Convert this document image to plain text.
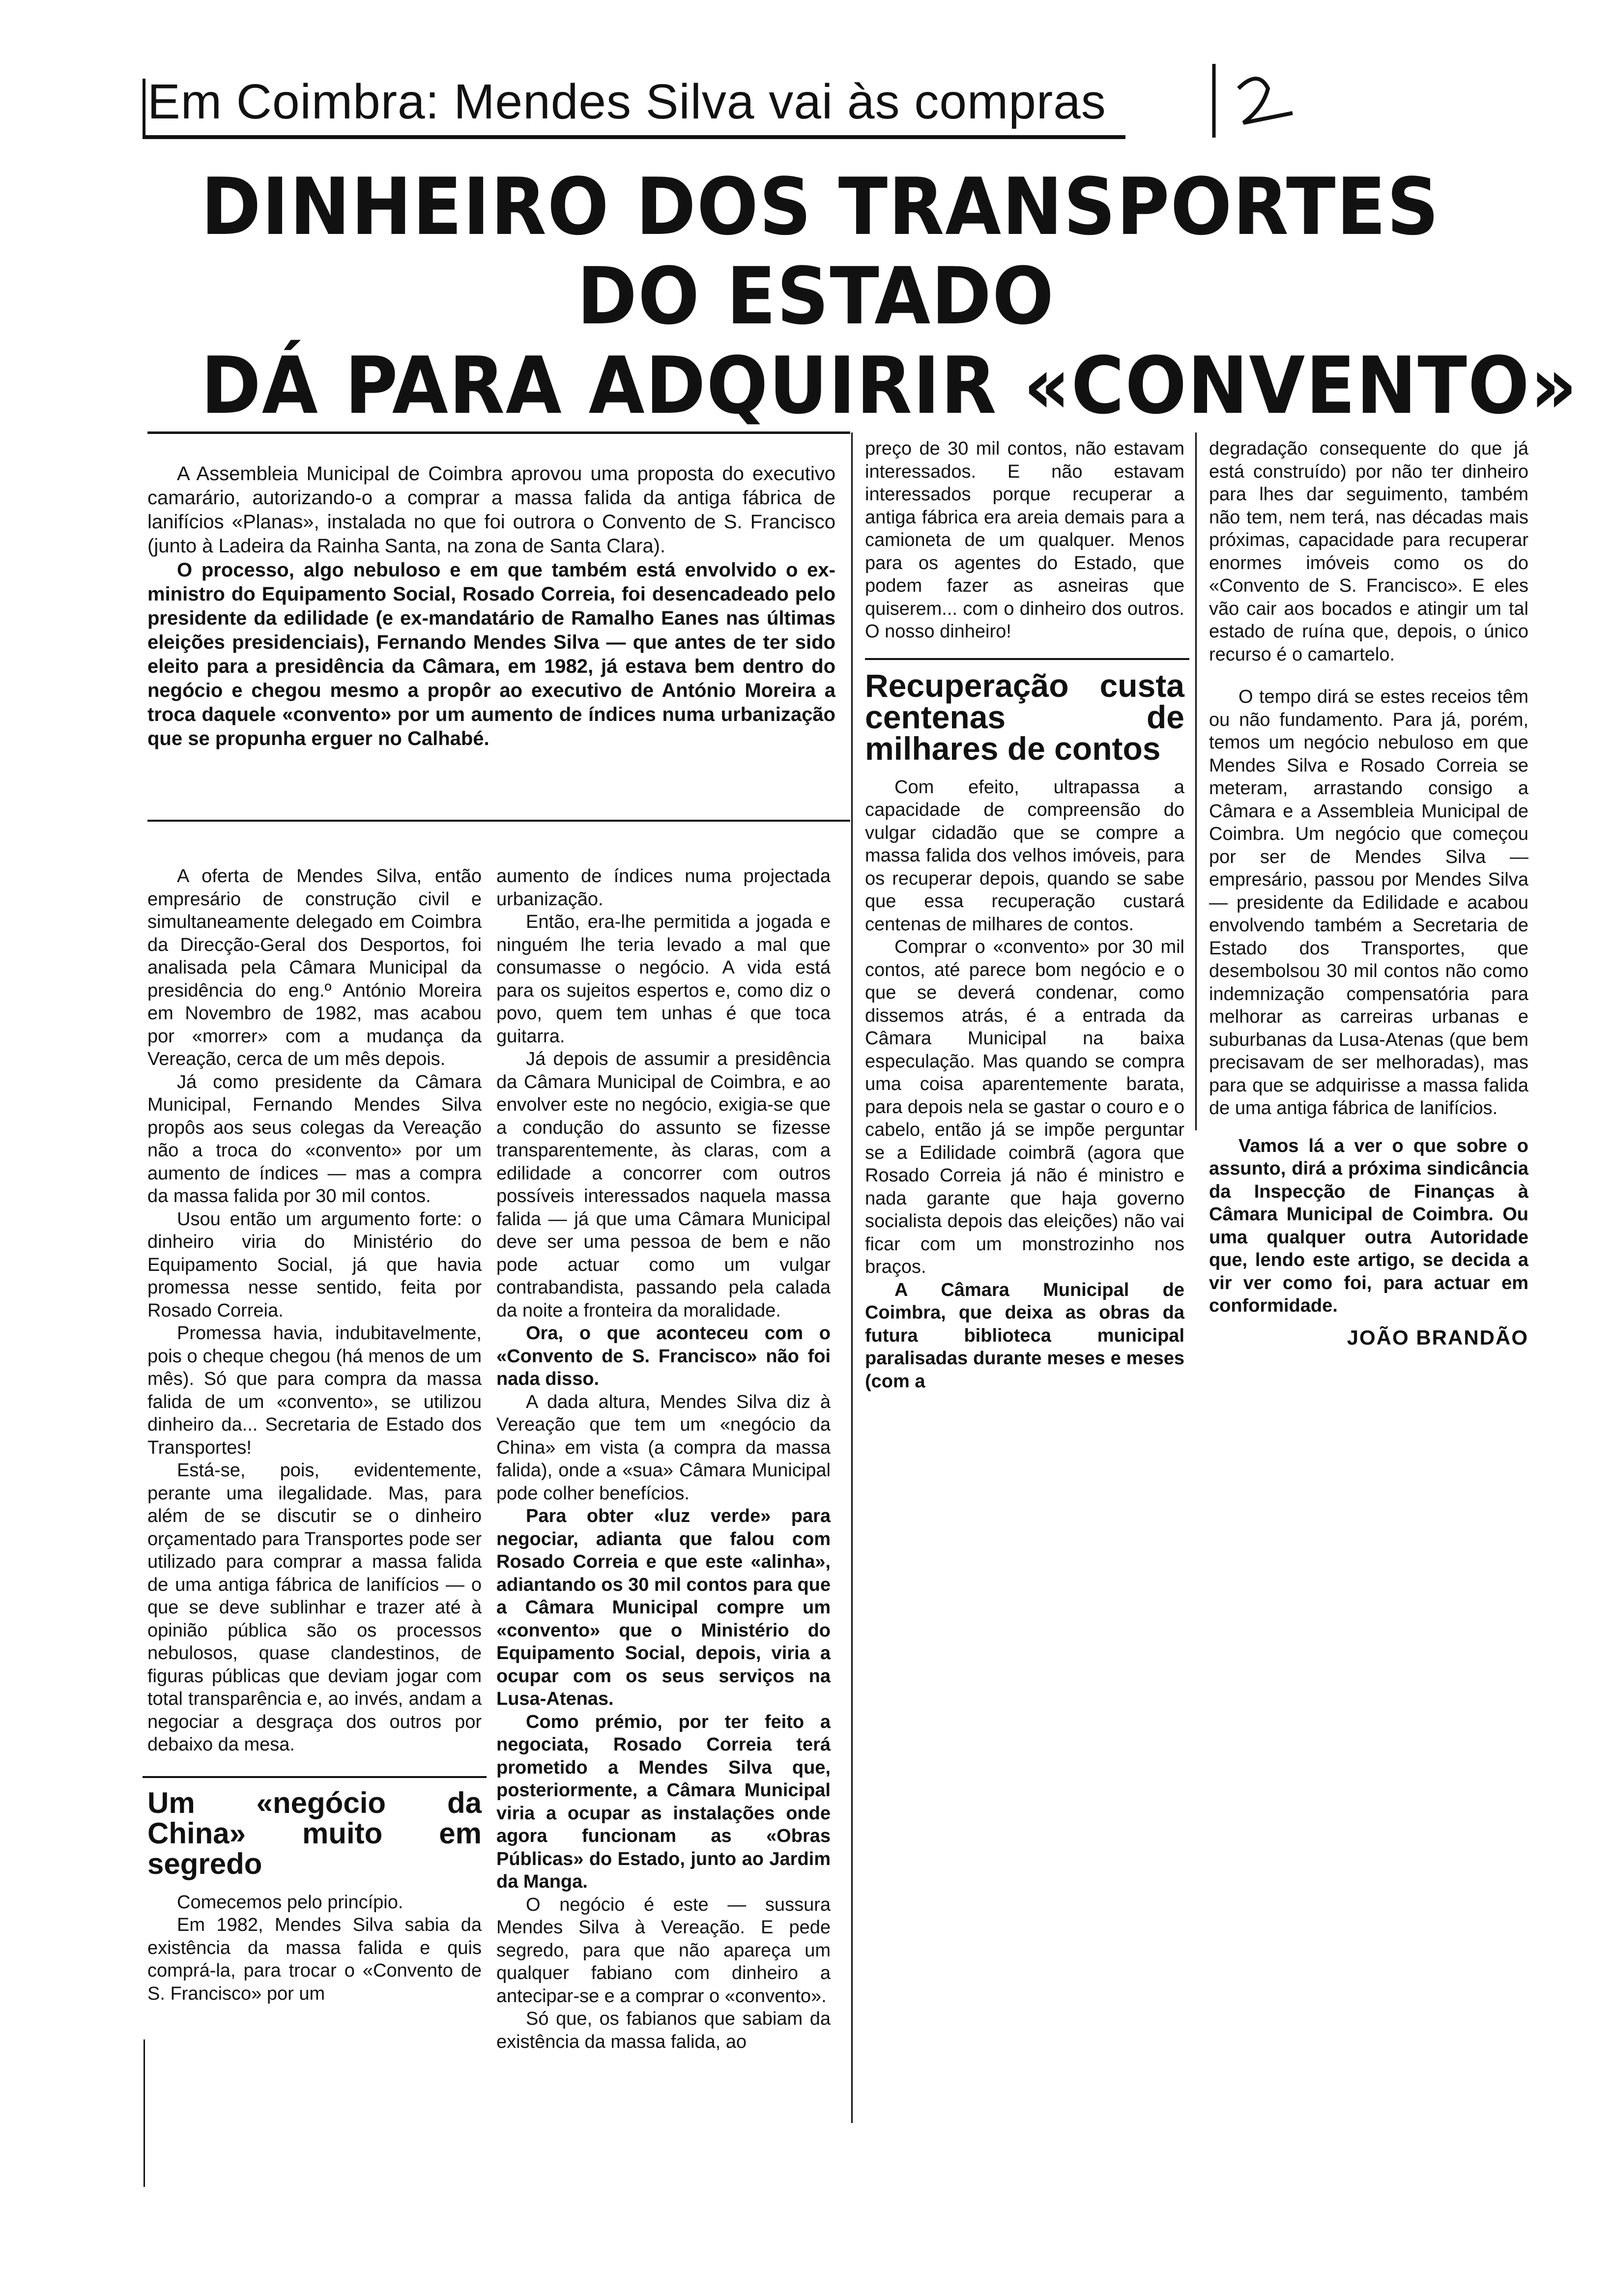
Em Coimbra: Mendes Silva vai às compras
DINHEIRO DOS TRANSPORTES
DO ESTADO
DÁ PARA ADQUIRIR «CONVENTO»

A Assembleia Municipal de Coimbra aprovou uma proposta do executivo camarário, autorizando-o a comprar a massa falida da antiga fábrica de lanifícios «Planas», instalada no que foi outrora o Convento de S. Francisco (junto à Ladeira da Rainha Santa, na zona de Santa Clara).

O processo, algo nebuloso e em que também está envolvido o ex-ministro do Equipamento Social, Rosado Correia, foi desencadeado pelo presidente da edilidade (e ex-mandatário de Ramalho Eanes nas últimas eleições presidenciais), Fernando Mendes Silva — que antes de ter sido eleito para a presidência da Câmara, em 1982, já estava bem dentro do negócio e chegou mesmo a propôr ao executivo de António Moreira a troca daquele «convento» por um aumento de índices numa urbanização que se propunha erguer no Calhabé.

A oferta de Mendes Silva, então empresário de construção civil e simultaneamente delegado em Coimbra da Direcção-Geral dos Desportos, foi analisada pela Câmara Municipal da presidência do eng.º António Moreira em Novembro de 1982, mas acabou por «morrer» com a mudança da Vereação, cerca de um mês depois.

Já como presidente da Câmara Municipal, Fernando Mendes Silva propôs aos seus colegas da Vereação não a troca do «convento» por um aumento de índices — mas a compra da massa falida por 30 mil contos.

Usou então um argumento forte: o dinheiro viria do Ministério do Equipamento Social, já que havia promessa nesse sentido, feita por Rosado Correia.

Promessa havia, indubitavelmente, pois o cheque chegou (há menos de um mês). Só que para compra da massa falida de um «convento», se utilizou dinheiro da... Secretaria de Estado dos Transportes!

Está-se, pois, evidentemente, perante uma ilegalidade. Mas, para além de se discutir se o dinheiro orçamentado para Transportes pode ser utilizado para comprar a massa falida de uma antiga fábrica de lanifícios — o que se deve sublinhar e trazer até à opinião pública são os processos nebulosos, quase clandestinos, de figuras públicas que deviam jogar com total transparência e, ao invés, andam a negociar a desgraça dos outros por debaixo da mesa.

Um «negócio da China» muito em segredo

Comecemos pelo princípio.

Em 1982, Mendes Silva sabia da existência da massa falida e quis comprá-la, para trocar o «Convento de S. Francisco» por um

aumento de índices numa projectada urbanização.

Então, era-lhe permitida a jogada e ninguém lhe teria levado a mal que consumasse o negócio. A vida está para os sujeitos espertos e, como diz o povo, quem tem unhas é que toca guitarra.

Já depois de assumir a presidência da Câmara Municipal de Coimbra, e ao envolver este no negócio, exigia-se que a condução do assunto se fizesse transparentemente, às claras, com a edilidade a concorrer com outros possíveis interessados naquela massa falida — já que uma Câmara Municipal deve ser uma pessoa de bem e não pode actuar como um vulgar contrabandista, passando pela calada da noite a fronteira da moralidade.

Ora, o que aconteceu com o «Convento de S. Francisco» não foi nada disso.

A dada altura, Mendes Silva diz à Vereação que tem um «negócio da China» em vista (a compra da massa falida), onde a «sua» Câmara Municipal pode colher benefícios.

Para obter «luz verde» para negociar, adianta que falou com Rosado Correia e que este «alinha», adiantando os 30 mil contos para que a Câmara Municipal compre um «convento» que o Ministério do Equipamento Social, depois, viria a ocupar com os seus serviços na Lusa-Atenas.

Como prémio, por ter feito a negociata, Rosado Correia terá prometido a Mendes Silva que, posteriormente, a Câmara Municipal viria a ocupar as instalações onde agora funcionam as «Obras Públicas» do Estado, junto ao Jardim da Manga.

O negócio é este — sussura Mendes Silva à Vereação. E pede segredo, para que não apareça um qualquer fabiano com dinheiro a antecipar-se e a comprar o «convento».

Só que, os fabianos que sabiam da existência da massa falida, ao

preço de 30 mil contos, não estavam interessados. E não estavam interessados porque recuperar a antiga fábrica era areia demais para a camioneta de um qualquer. Menos para os agentes do Estado, que podem fazer as asneiras que quiserem... com o dinheiro dos outros. O nosso dinheiro!

Recuperação custa centenas de milhares de contos

Com efeito, ultrapassa a capacidade de compreensão do vulgar cidadão que se compre a massa falida dos velhos imóveis, para os recuperar depois, quando se sabe que essa recuperação custará centenas de milhares de contos.

Comprar o «convento» por 30 mil contos, até parece bom negócio e o que se deverá condenar, como dissemos atrás, é a entrada da Câmara Municipal na baixa especulação. Mas quando se compra uma coisa aparentemente barata, para depois nela se gastar o couro e o cabelo, então já se impõe perguntar se a Edilidade coimbrã (agora que Rosado Correia já não é ministro e nada garante que haja governo socialista depois das eleições) não vai ficar com um monstrozinho nos braços.

A Câmara Municipal de Coimbra, que deixa as obras da futura biblioteca municipal paralisadas durante meses e meses (com a

degradação consequente do que já está construído) por não ter dinheiro para lhes dar seguimento, também não tem, nem terá, nas décadas mais próximas, capacidade para recuperar enormes imóveis como os do «Convento de S. Francisco». E eles vão cair aos bocados e atingir um tal estado de ruína que, depois, o único recurso é o camartelo.

O tempo dirá se estes receios têm ou não fundamento. Para já, porém, temos um negócio nebuloso em que Mendes Silva e Rosado Correia se meteram, arrastando consigo a Câmara e a Assembleia Municipal de Coimbra. Um negócio que começou por ser de Mendes Silva — empresário, passou por Mendes Silva — presidente da Edilidade e acabou envolvendo também a Secretaria de Estado dos Transportes, que desembolsou 30 mil contos não como indemnização compensatória para melhorar as carreiras urbanas e suburbanas da Lusa-Atenas (que bem precisavam de ser melhoradas), mas para que se adquirisse a massa falida de uma antiga fábrica de lanifícios.

Vamos lá a ver o que sobre o assunto, dirá a próxima sindicância da Inspecção de Finanças à Câmara Municipal de Coimbra. Ou uma qualquer outra Autoridade que, lendo este artigo, se decida a vir ver como foi, para actuar em conformidade.

JOÃO BRANDÃO
